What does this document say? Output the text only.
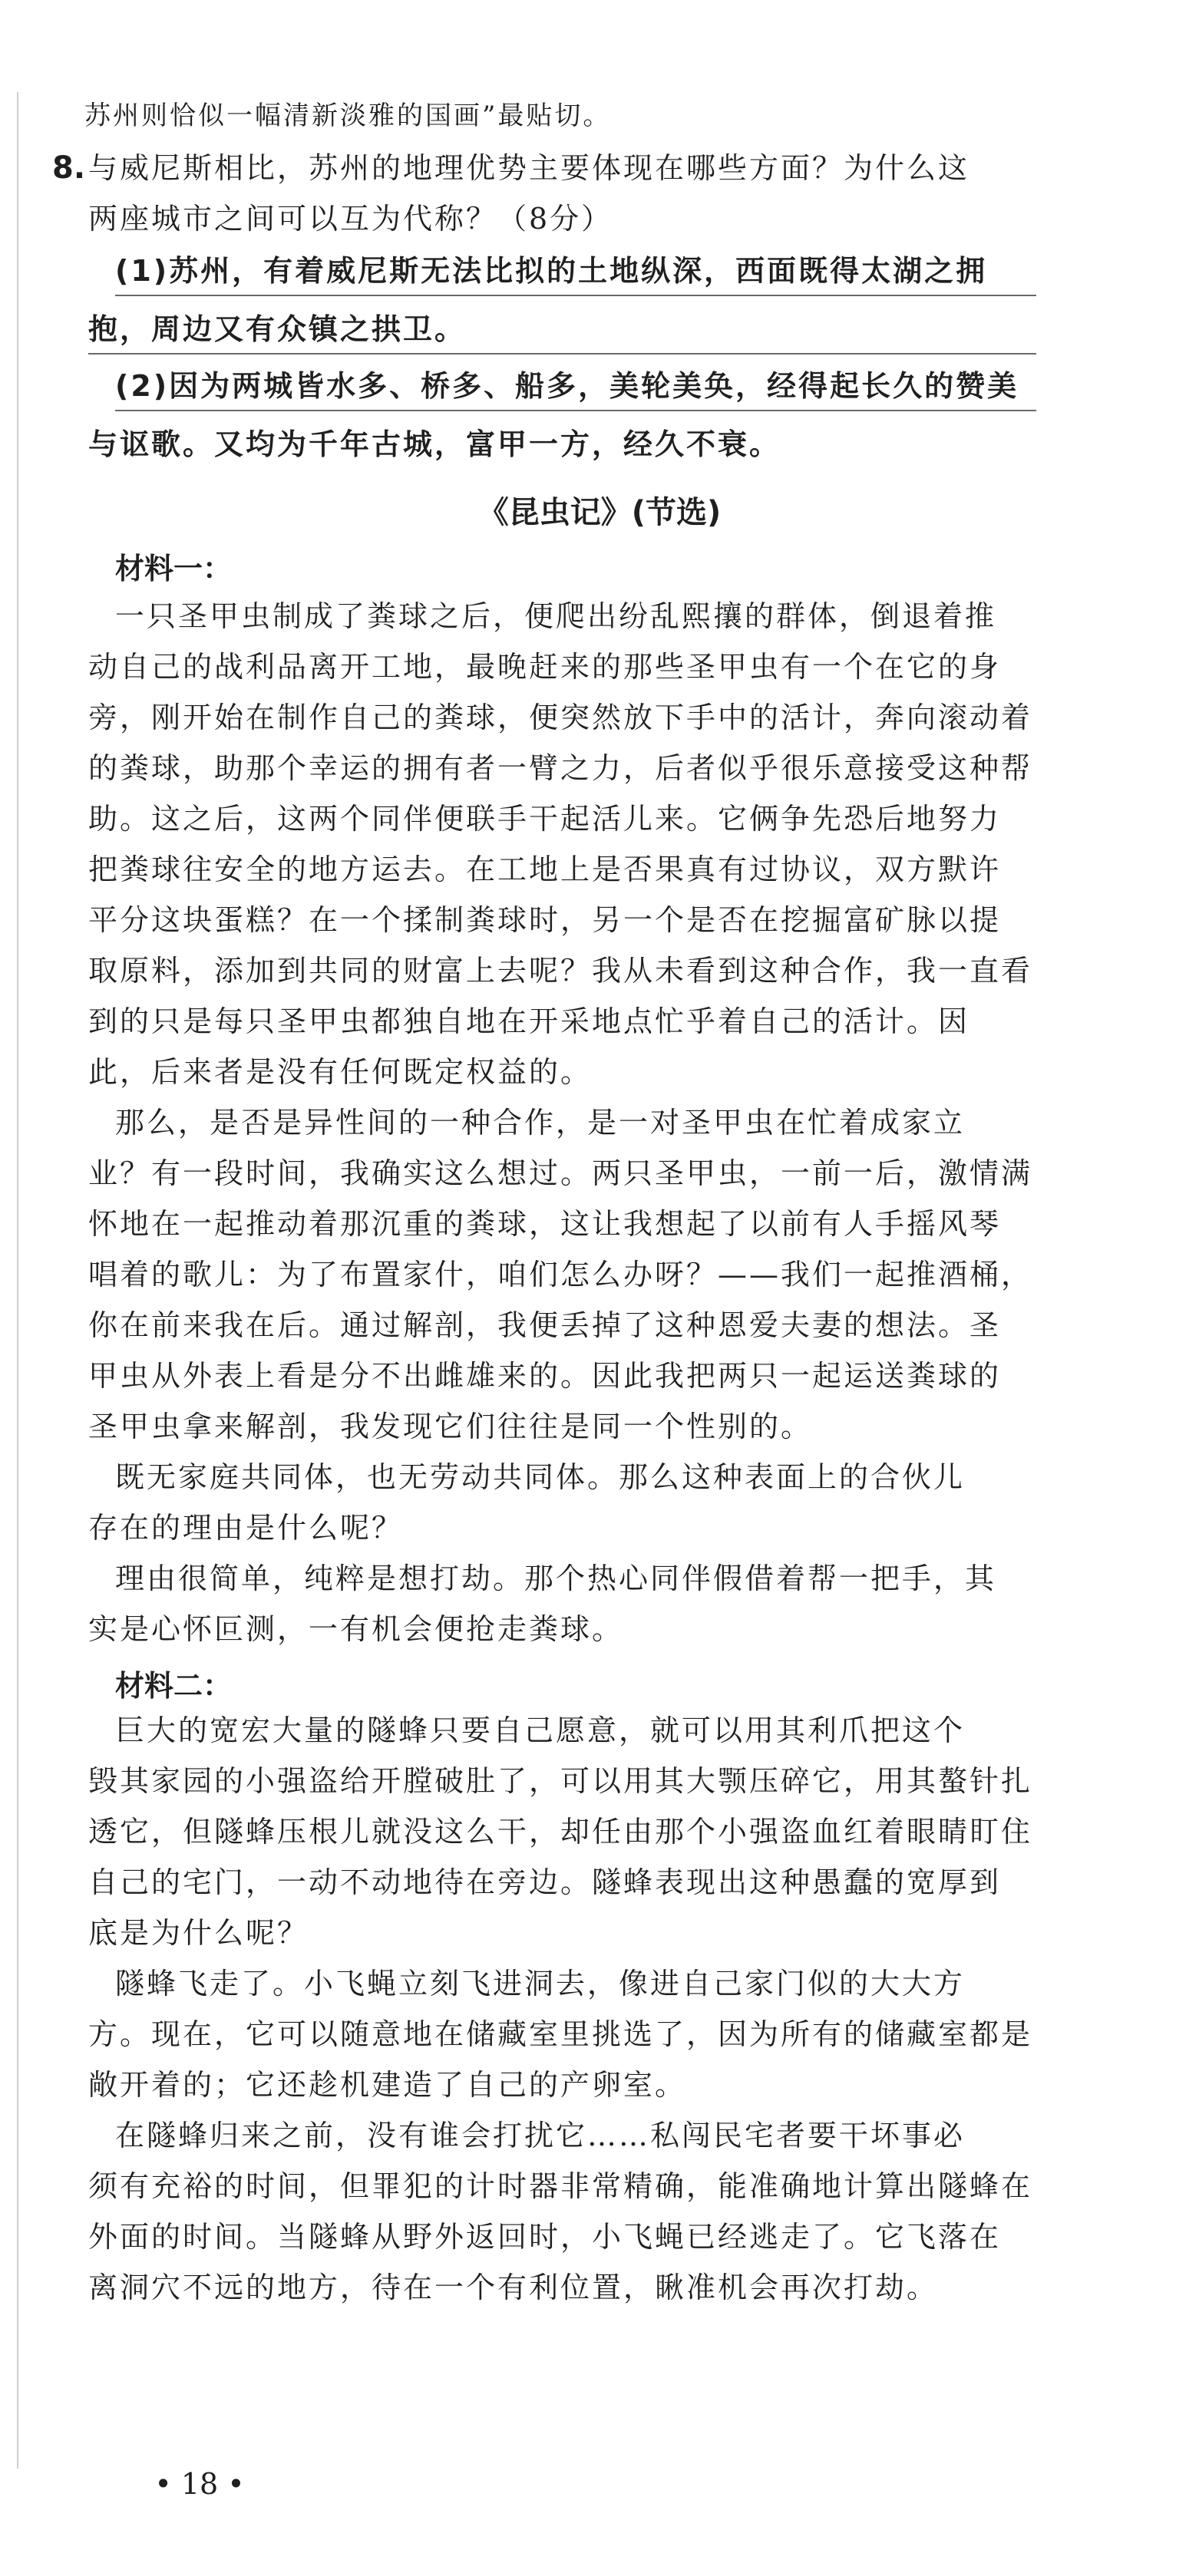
苏州则恰似一幅清新淡雅的国画”最贴切。
8. 与威尼斯相比，苏州的地理优势主要体现在哪些方面？为什么这
两座城市之间可以互为代称？（8分）
(1)苏州，有着威尼斯无法比拟的土地纵深，西面既得太湖之拥
抱，周边又有众镇之拱卫。
(2)因为两城皆水多、桥多、船多，美轮美奂，经得起长久的赞美
与讴歌。又均为千年古城，富甲一方，经久不衰。
《昆虫记》(节选)
材料一：
一只圣甲虫制成了粪球之后，便爬出纷乱熙攘的群体，倒退着推
动自己的战利品离开工地，最晚赶来的那些圣甲虫有一个在它的身
旁，刚开始在制作自己的粪球，便突然放下手中的活计，奔向滚动着
的粪球，助那个幸运的拥有者一臂之力，后者似乎很乐意接受这种帮
助。这之后，这两个同伴便联手干起活儿来。它俩争先恐后地努力
把粪球往安全的地方运去。在工地上是否果真有过协议，双方默许
平分这块蛋糕？在一个揉制粪球时，另一个是否在挖掘富矿脉以提
取原料，添加到共同的财富上去呢？我从未看到这种合作，我一直看
到的只是每只圣甲虫都独自地在开采地点忙乎着自己的活计。因
此，后来者是没有任何既定权益的。
那么，是否是异性间的一种合作，是一对圣甲虫在忙着成家立
业？有一段时间，我确实这么想过。两只圣甲虫，一前一后，激情满
怀地在一起推动着那沉重的粪球，这让我想起了以前有人手摇风琴
唱着的歌儿：为了布置家什，咱们怎么办呀？——我们一起推酒桶，
你在前来我在后。通过解剖，我便丢掉了这种恩爱夫妻的想法。圣
甲虫从外表上看是分不出雌雄来的。因此我把两只一起运送粪球的
圣甲虫拿来解剖，我发现它们往往是同一个性别的。
既无家庭共同体，也无劳动共同体。那么这种表面上的合伙儿
存在的理由是什么呢？
理由很简单，纯粹是想打劫。那个热心同伴假借着帮一把手，其
实是心怀叵测，一有机会便抢走粪球。
材料二：
巨大的宽宏大量的隧蜂只要自己愿意，就可以用其利爪把这个
毁其家园的小强盗给开膛破肚了，可以用其大颚压碎它，用其螯针扎
透它，但隧蜂压根儿就没这么干，却任由那个小强盗血红着眼睛盯住
自己的宅门，一动不动地待在旁边。隧蜂表现出这种愚蠢的宽厚到
底是为什么呢？
隧蜂飞走了。小飞蝇立刻飞进洞去，像进自己家门似的大大方
方。现在，它可以随意地在储藏室里挑选了，因为所有的储藏室都是
敞开着的；它还趁机建造了自己的产卵室。
在隧蜂归来之前，没有谁会打扰它……私闯民宅者要干坏事必
须有充裕的时间，但罪犯的计时器非常精确，能准确地计算出隧蜂在
外面的时间。当隧蜂从野外返回时，小飞蝇已经逃走了。它飞落在
离洞穴不远的地方，待在一个有利位置，瞅准机会再次打劫。
• 18 •
